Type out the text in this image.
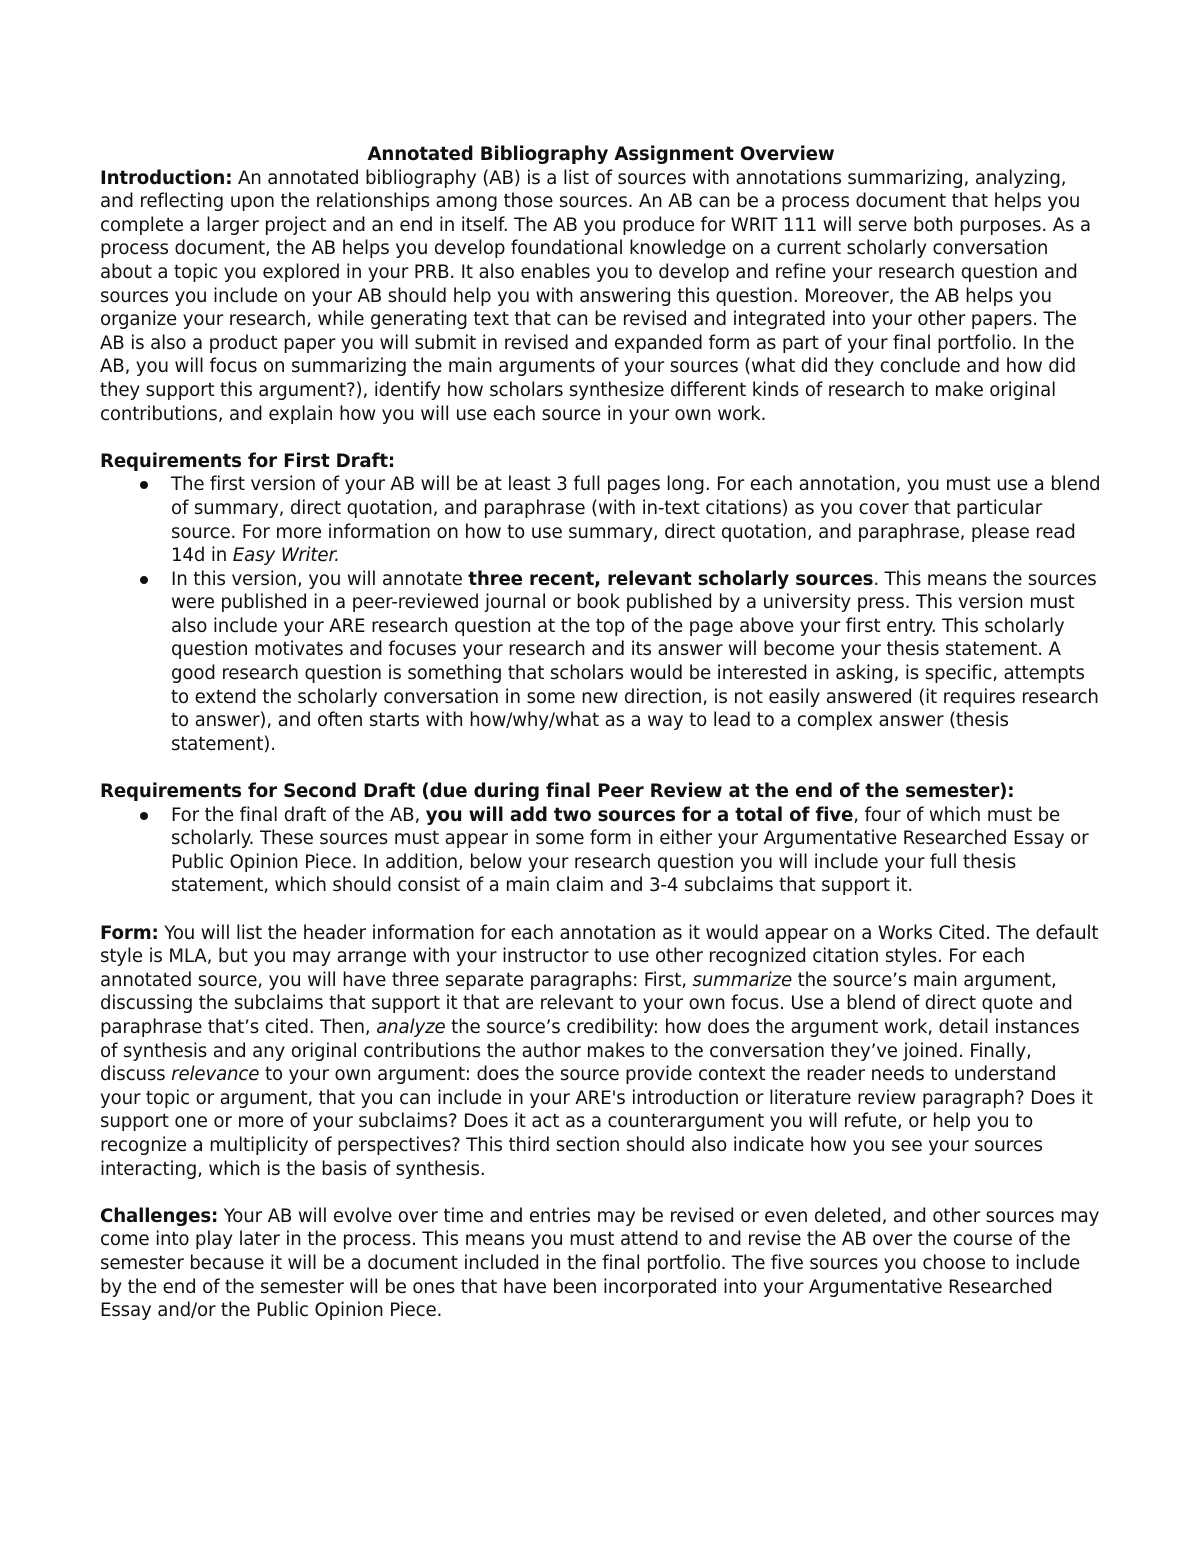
Annotated Bibliography Assignment Overview

Introduction: An annotated bibliography (AB) is a list of sources with annotations summarizing, analyzing, and reflecting upon the relationships among those sources. An AB can be a process document that helps you complete a larger project and an end in itself. The AB you produce for WRIT 111 will serve both purposes. As a process document, the AB helps you develop foundational knowledge on a current scholarly conversation about a topic you explored in your PRB. It also enables you to develop and refine your research question and sources you include on your AB should help you with answering this question. Moreover, the AB helps you organize your research, while generating text that can be revised and integrated into your other papers. The AB is also a product paper you will submit in revised and expanded form as part of your final portfolio. In the AB, you will focus on summarizing the main arguments of your sources (what did they conclude and how did they support this argument?), identify how scholars synthesize different kinds of research to make original contributions, and explain how you will use each source in your own work.

Requirements for First Draft:

The first version of your AB will be at least 3 full pages long. For each annotation, you must use a blend of summary, direct quotation, and paraphrase (with in-text citations) as you cover that particular source. For more information on how to use summary, direct quotation, and paraphrase, please read 14d in Easy Writer.
In this version, you will annotate three recent, relevant scholarly sources. This means the sources were published in a peer-reviewed journal or book published by a university press. This version must also include your ARE research question at the top of the page above your first entry. This scholarly question motivates and focuses your research and its answer will become your thesis statement. A good research question is something that scholars would be interested in asking, is specific, attempts to extend the scholarly conversation in some new direction, is not easily answered (it requires research to answer), and often starts with how/why/what as a way to lead to a complex answer (thesis statement).

Requirements for Second Draft (due during final Peer Review at the end of the semester):

For the final draft of the AB, you will add two sources for a total of five, four of which must be scholarly. These sources must appear in some form in either your Argumentative Researched Essay or Public Opinion Piece. In addition, below your research question you will include your full thesis statement, which should consist of a main claim and 3-4 subclaims that support it.

Form: You will list the header information for each annotation as it would appear on a Works Cited. The default style is MLA, but you may arrange with your instructor to use other recognized citation styles. For each annotated source, you will have three separate paragraphs: First, summarize the source’s main argument, discussing the subclaims that support it that are relevant to your own focus. Use a blend of direct quote and paraphrase that’s cited. Then, analyze the source’s credibility: how does the argument work, detail instances of synthesis and any original contributions the author makes to the conversation they’ve joined. Finally, discuss relevance to your own argument: does the source provide context the reader needs to understand your topic or argument, that you can include in your ARE's introduction or literature review paragraph? Does it support one or more of your subclaims? Does it act as a counterargument you will refute, or help you to recognize a multiplicity of perspectives? This third section should also indicate how you see your sources interacting, which is the basis of synthesis.

Challenges: Your AB will evolve over time and entries may be revised or even deleted, and other sources may come into play later in the process. This means you must attend to and revise the AB over the course of the semester because it will be a document included in the final portfolio. The five sources you choose to include by the end of the semester will be ones that have been incorporated into your Argumentative Researched Essay and/or the Public Opinion Piece.
